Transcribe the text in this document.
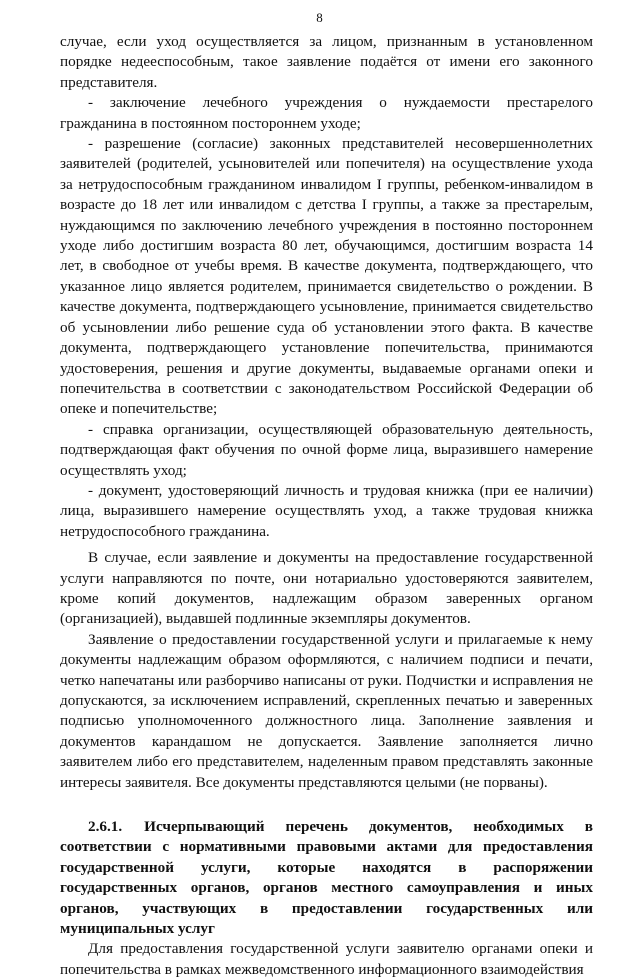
8

случае, если уход осуществляется за лицом, признанным в установленном порядке недееспособным, такое заявление подаётся от имени его законного представителя.

- заключение лечебного учреждения о нуждаемости престарелого гражданина в постоянном постороннем уходе;

- разрешение (согласие) законных представителей несовершеннолетних заявителей (родителей, усыновителей или попечителя) на осуществление ухода за нетрудоспособным гражданином инвалидом I группы, ребенком-инвалидом в возрасте до 18 лет или инвалидом с детства I группы, а также за престарелым, нуждающимся по заключению лечебного учреждения в постоянно постороннем уходе либо достигшим возраста 80 лет, обучающимся, достигшим возраста 14 лет, в свободное от учебы время. В качестве документа, подтверждающего, что указанное лицо является родителем, принимается свидетельство о рождении. В качестве документа, подтверждающего усыновление, принимается свидетельство об усыновлении либо решение суда об установлении этого факта. В качестве документа, подтверждающего установление попечительства, принимаются удостоверения, решения и другие документы, выдаваемые органами опеки и попечительства в соответствии с законодательством Российской Федерации об опеке и попечительстве;

- справка организации, осуществляющей образовательную деятельность, подтверждающая факт обучения по очной форме лица, выразившего намерение осуществлять уход;

- документ, удостоверяющий личность и трудовая книжка (при ее наличии) лица, выразившего намерение осуществлять уход, а также трудовая книжка нетрудоспособного гражданина.

В случае, если заявление и документы на предоставление государственной услуги направляются по почте, они нотариально удостоверяются заявителем, кроме копий документов, надлежащим образом заверенных органом (организацией), выдавшей подлинные экземпляры документов.

Заявление о предоставлении государственной услуги и прилагаемые к нему документы надлежащим образом оформляются, с наличием подписи и печати, четко напечатаны или разборчиво написаны от руки. Подчистки и исправления не допускаются, за исключением исправлений, скрепленных печатью и заверенных подписью уполномоченного должностного лица. Заполнение заявления и документов карандашом не допускается. Заявление заполняется лично заявителем либо его представителем, наделенным правом представлять законные интересы заявителя. Все документы представляются целыми (не порваны).

2.6.1. Исчерпывающий перечень документов, необходимых в соответствии с нормативными правовыми актами для предоставления государственной услуги, которые находятся в распоряжении государственных органов, органов местного самоуправления и иных органов, участвующих в предоставлении государственных или муниципальных услуг

Для предоставления государственной услуги заявителю органами опеки и попечительства в рамках межведомственного информационного взаимодействия
